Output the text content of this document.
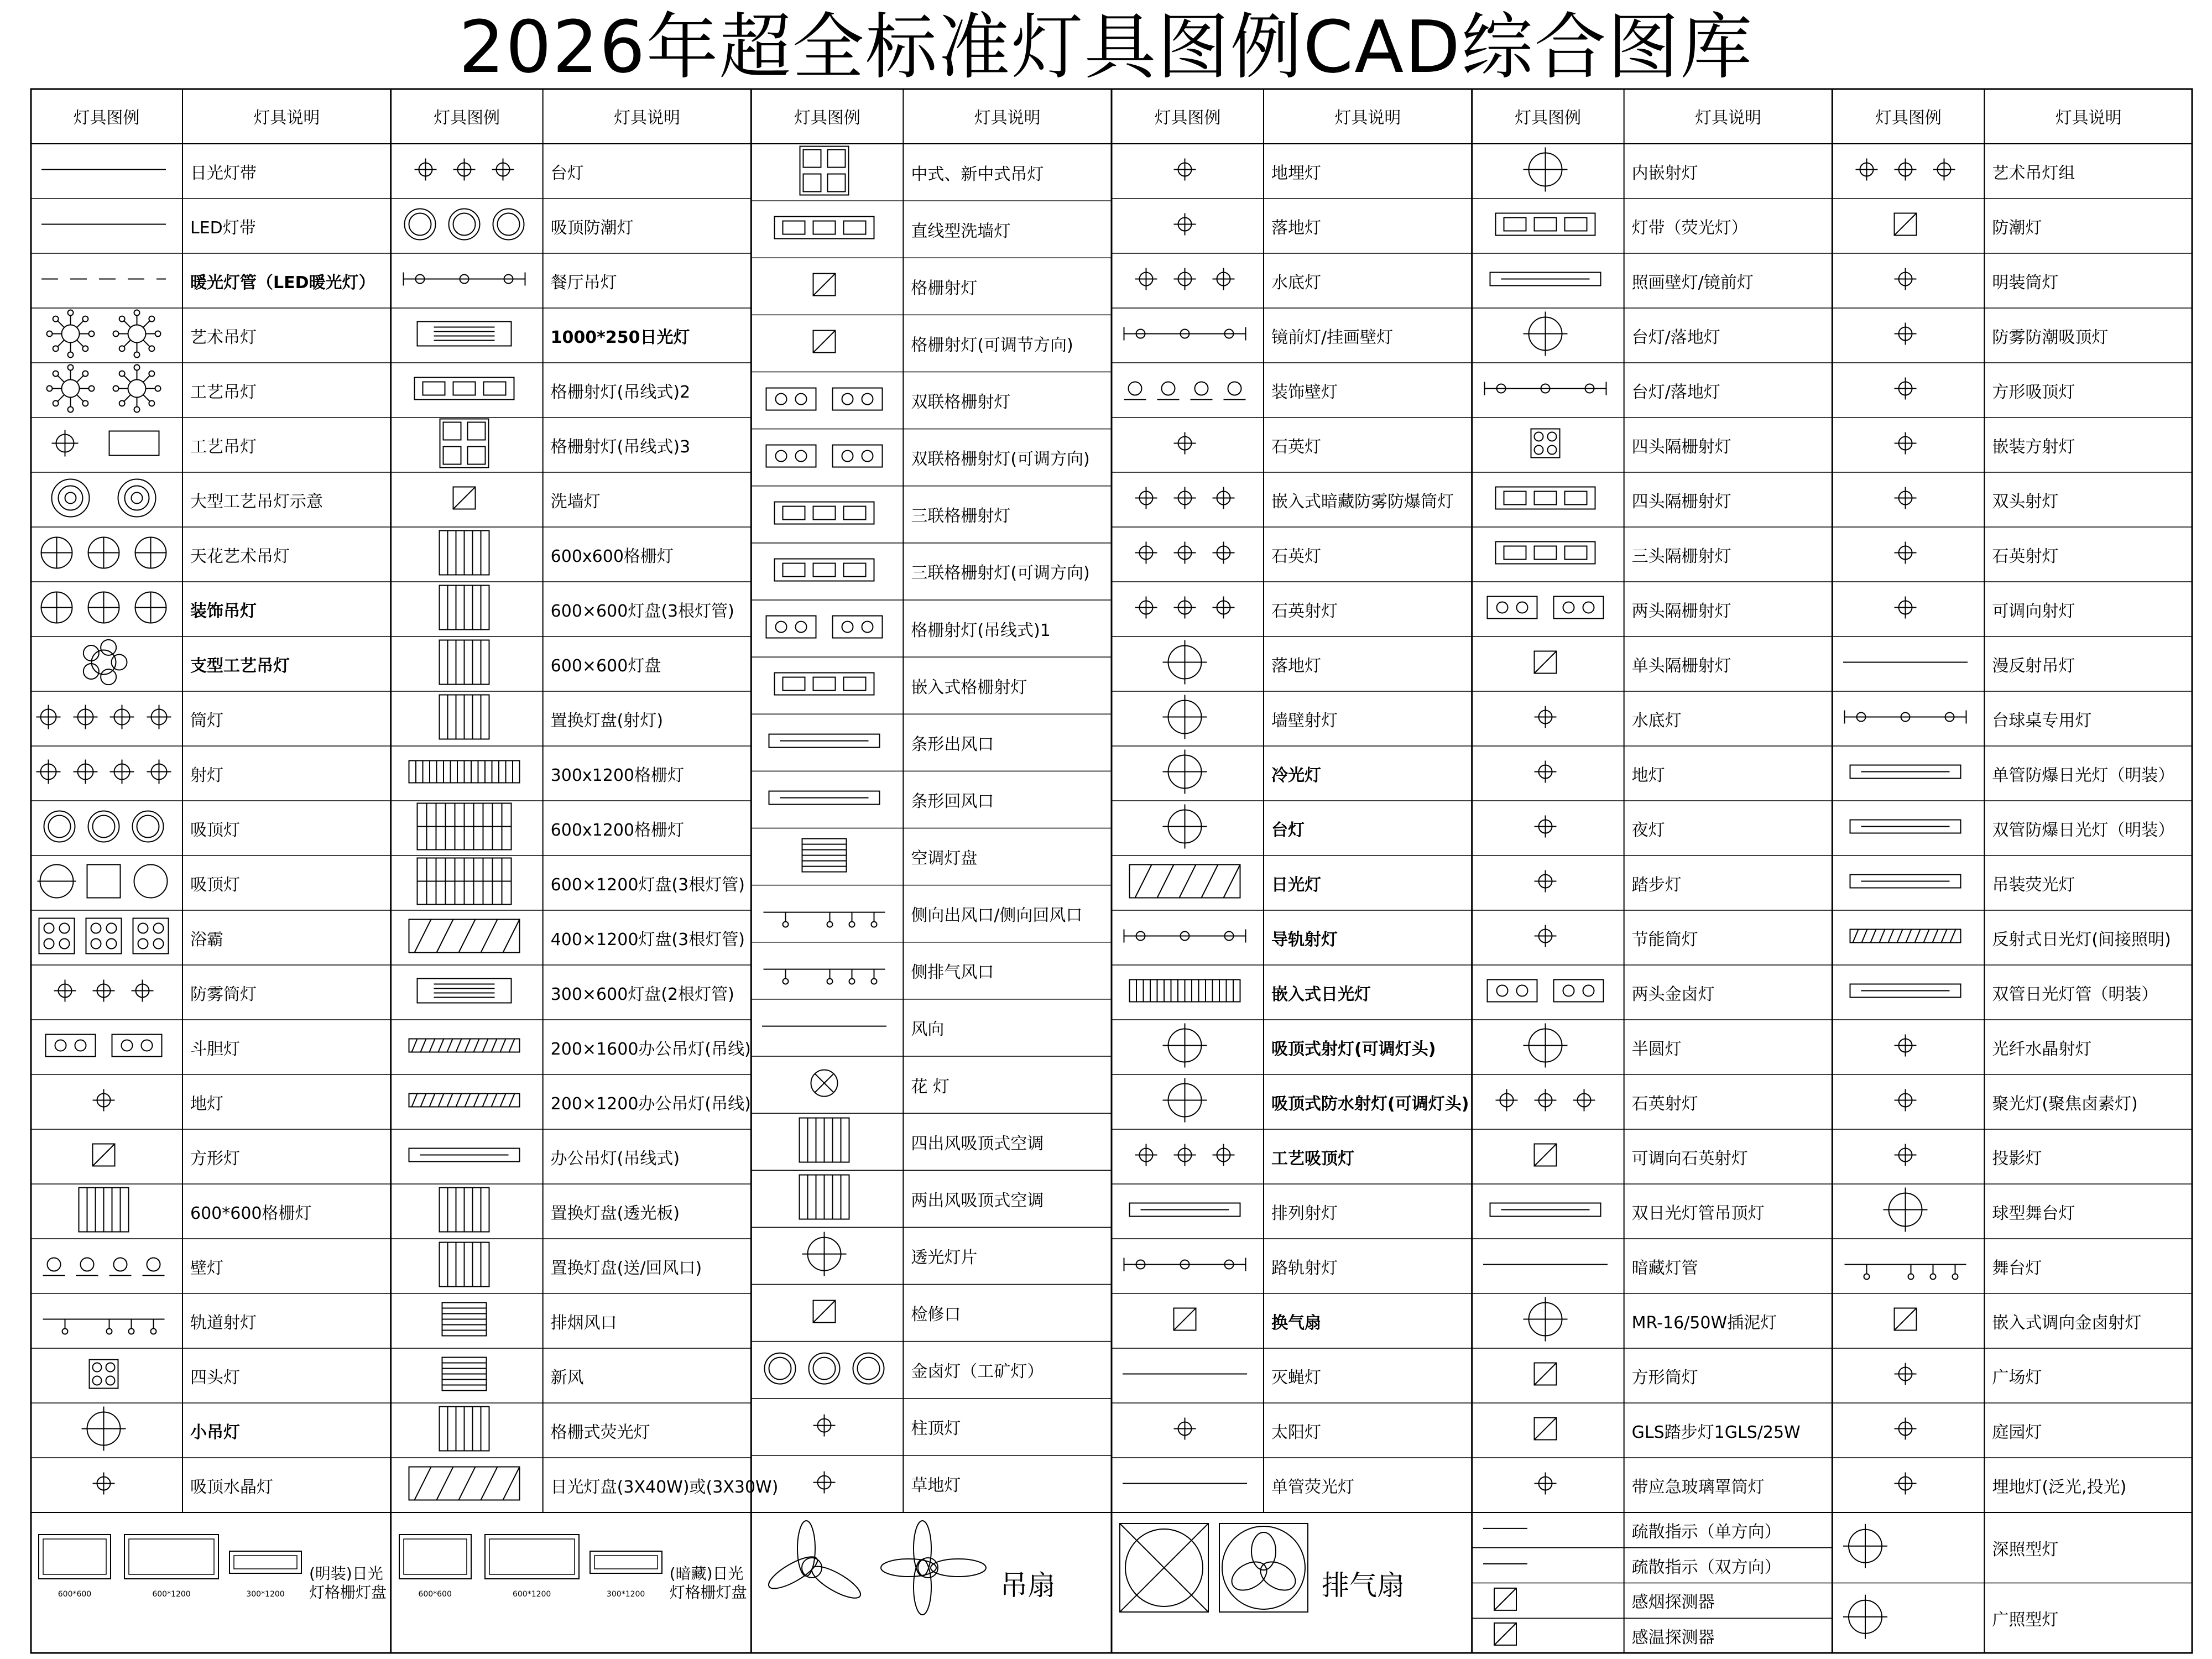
2026年超全标准灯具图例CAD综合图库
灯具图例	灯具说明
日光灯带
LED灯带
暖光灯管（LED暖光灯）
艺术吊灯
工艺吊灯
工艺吊灯
大型工艺吊灯示意
天花艺术吊灯
装饰吊灯
支型工艺吊灯
筒灯
射灯
吸顶灯
吸顶灯
浴霸
防雾筒灯
斗胆灯
地灯
方形灯
600*600格栅灯
壁灯
轨道射灯
四头灯
小吊灯
吸顶水晶灯
灯具图例	灯具说明
台灯
吸顶防潮灯
餐厅吊灯
1000*250日光灯
格栅射灯(吊线式)2
格栅射灯(吊线式)3
洗墙灯
600x600格栅灯
600×600灯盘(3根灯管)
600×600灯盘
置换灯盘(射灯)
300x1200格栅灯
600x1200格栅灯
600×1200灯盘(3根灯管)
400×1200灯盘(3根灯管)
300×600灯盘(2根灯管)
200×1600办公吊灯(吊线)
200×1200办公吊灯(吊线)
办公吊灯(吊线式)
置换灯盘(透光板)
置换灯盘(送/回风口)
排烟风口
新风
格栅式荧光灯
日光灯盘(3X40W)或(3X30W)
灯具图例	灯具说明
中式、新中式吊灯
直线型洗墙灯
格栅射灯
格栅射灯(可调节方向)
双联格栅射灯
双联格栅射灯(可调方向)
三联格栅射灯
三联格栅射灯(可调方向)
格栅射灯(吊线式)1
嵌入式格栅射灯
条形出风口
条形回风口
空调灯盘
侧向出风口/侧向回风口
侧排气风口
风向
花 灯
四出风吸顶式空调
两出风吸顶式空调
透光灯片
检修口
金卤灯（工矿灯）
柱顶灯
草地灯
灯具图例	灯具说明
地埋灯
落地灯
水底灯
镜前灯/挂画壁灯
装饰壁灯
石英灯
嵌入式暗藏防雾防爆筒灯
石英灯
石英射灯
落地灯
墙壁射灯
冷光灯
台灯
日光灯
导轨射灯
嵌入式日光灯
吸顶式射灯(可调灯头)
吸顶式防水射灯(可调灯头)
工艺吸顶灯
排列射灯
路轨射灯
换气扇
灭蝇灯
太阳灯
单管荧光灯
灯具图例	灯具说明
内嵌射灯
灯带（荧光灯）
照画壁灯/镜前灯
台灯/落地灯
台灯/落地灯
四头隔栅射灯
四头隔栅射灯
三头隔栅射灯
两头隔栅射灯
单头隔栅射灯
水底灯
地灯
夜灯
踏步灯
节能筒灯
两头金卤灯
半圆灯
石英射灯
可调向石英射灯
双日光灯管吊顶灯
暗藏灯管
MR-16/50W插泥灯
方形筒灯
GLS踏步灯1GLS/25W
带应急玻璃罩筒灯
灯具图例	灯具说明
艺术吊灯组
防潮灯
明装筒灯
防雾防潮吸顶灯
方形吸顶灯
嵌装方射灯
双头射灯
石英射灯
可调向射灯
漫反射吊灯
台球桌专用灯
单管防爆日光灯（明装）
双管防爆日光灯（明装）
吊装荧光灯
反射式日光灯(间接照明)
双管日光灯管（明装）
光纤水晶射灯
聚光灯(聚焦卤素灯)
投影灯
球型舞台灯
舞台灯
嵌入式调向金卤射灯
广场灯
庭园灯
埋地灯(泛光,投光)
600*600	600*1200	300*1200
(明装)日光灯格栅灯盘	600*600	600*1200	300*1200
(暗藏)日光灯格栅灯盘	吊扇	排气扇
疏散指示（单方向）
疏散指示（双方向）
感烟探测器
感温探测器
深照型灯
广照型灯
